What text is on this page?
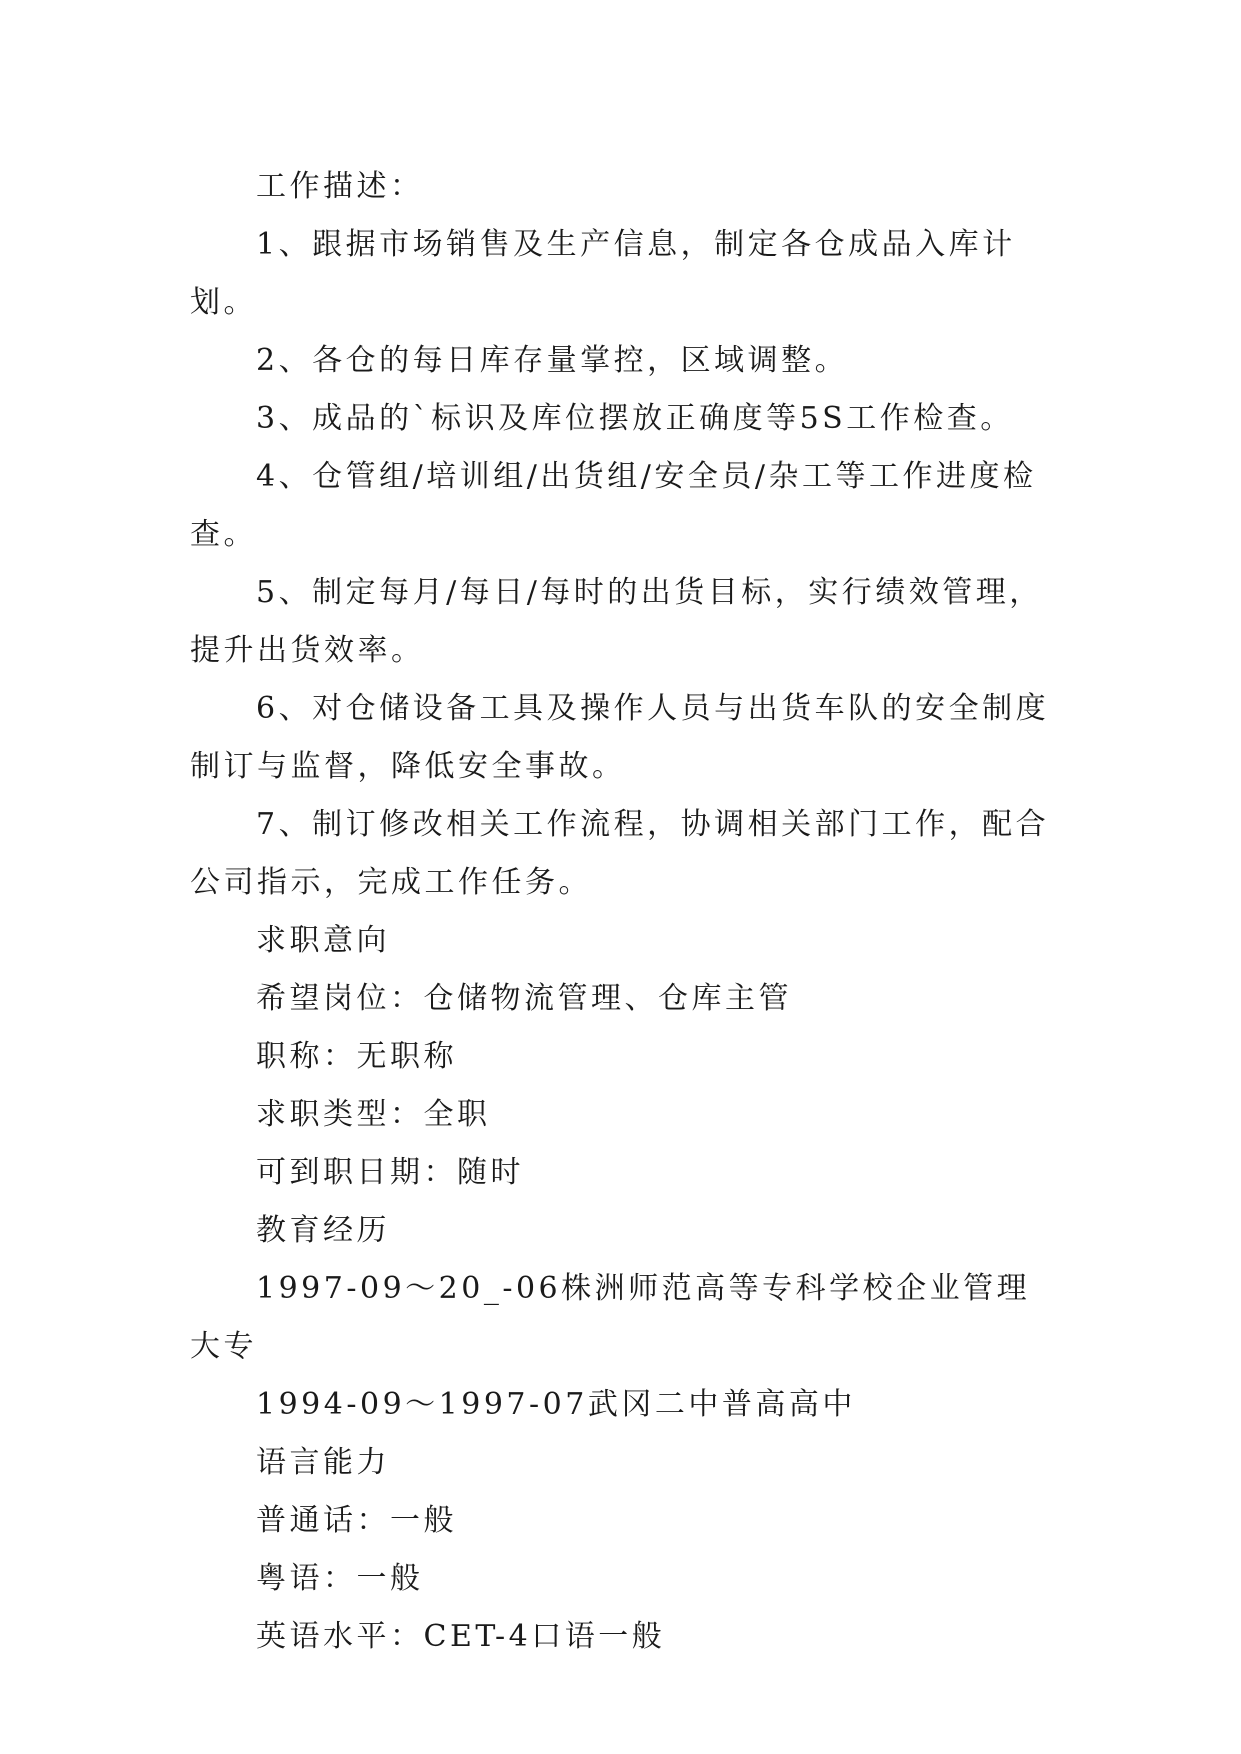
工作描述：

1、跟据市场销售及生产信息，制定各仓成品入库计划。

2、各仓的每日库存量掌控，区域调整。

3、成品的`标识及库位摆放正确度等5S工作检查。

4、仓管组/培训组/出货组/安全员/杂工等工作进度检查。

5、制定每月/每日/每时的出货目标，实行绩效管理，提升出货效率。

6、对仓储设备工具及操作人员与出货车队的安全制度制订与监督，降低安全事故。

7、制订修改相关工作流程，协调相关部门工作，配合公司指示，完成工作任务。

求职意向

希望岗位：仓储物流管理、仓库主管

职称：无职称

求职类型：全职

可到职日期：随时

教育经历

1997-09～20_-06株洲师范高等专科学校企业管理大专

1994-09～1997-07武冈二中普高高中

语言能力

普通话：一般

粤语：一般

英语水平：CET-4口语一般
